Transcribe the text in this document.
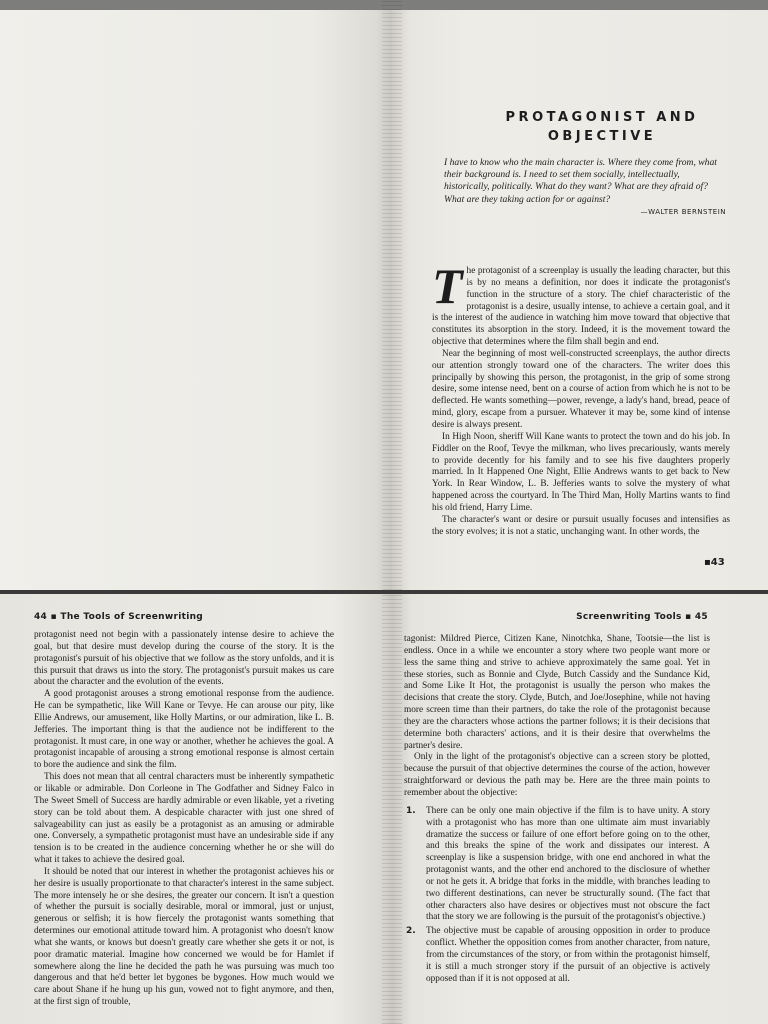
PROTAGONIST AND
OBJECTIVE
I have to know who the main character is. Where they come from, what their background is. I need to set them socially, intellectually, historically, politically. What do they want? What are they afraid of? What are they taking action for or against?
—WALTER BERNSTEIN

The protagonist of a screenplay is usually the leading character, but this is by no means a definition, nor does it indicate the protagonist's function in the structure of a story. The chief characteristic of the protagonist is a desire, usually intense, to achieve a certain goal, and it is the interest of the audience in watching him move toward that objective that constitutes its absorption in the story. Indeed, it is the movement toward the objective that determines where the film shall begin and end.

Near the beginning of most well-constructed screenplays, the author directs our attention strongly toward one of the characters. The writer does this principally by showing this person, the protagonist, in the grip of some strong desire, some intense need, bent on a course of action from which he is not to be deflected. He wants something—power, revenge, a lady's hand, bread, peace of mind, glory, escape from a pursuer. Whatever it may be, some kind of intense desire is always present.

In High Noon, sheriff Will Kane wants to protect the town and do his job. In Fiddler on the Roof, Tevye the milkman, who lives precariously, wants merely to provide decently for his family and to see his five daughters properly married. In It Happened One Night, Ellie Andrews wants to get back to New York. In Rear Window, L. B. Jefferies wants to solve the mystery of what happened across the courtyard. In The Third Man, Holly Martins wants to find his old friend, Harry Lime.

The character's want or desire or pursuit usually focuses and intensifies as the story evolves; it is not a static, unchanging want. In other words, the

▪43
44 ▪ The Tools of Screenwriting

protagonist need not begin with a passionately intense desire to achieve the goal, but that desire must develop during the course of the story. It is the protagonist's pursuit of his objective that we follow as the story unfolds, and it is this pursuit that draws us into the story. The protagonist's pursuit makes us care about the character and the evolution of the events.

A good protagonist arouses a strong emotional response from the audience. He can be sympathetic, like Will Kane or Tevye. He can arouse our pity, like Ellie Andrews, our amusement, like Holly Martins, or our admiration, like L. B. Jefferies. The important thing is that the audience not be indifferent to the protagonist. It must care, in one way or another, whether he achieves the goal. A protagonist incapable of arousing a strong emotional response is almost certain to bore the audience and sink the film.

This does not mean that all central characters must be inherently sympathetic or likable or admirable. Don Corleone in The Godfather and Sidney Falco in The Sweet Smell of Success are hardly admirable or even likable, yet a riveting story can be told about them. A despicable character with just one shred of salvageability can just as easily be a protagonist as an amusing or admirable one. Conversely, a sympathetic protagonist must have an undesirable side if any tension is to be created in the audience concerning whether he or she will do what it takes to achieve the desired goal.

It should be noted that our interest in whether the protagonist achieves his or her desire is usually proportionate to that character's interest in the same subject. The more intensely he or she desires, the greater our concern. It isn't a question of whether the pursuit is socially desirable, moral or immoral, just or unjust, generous or selfish; it is how fiercely the protagonist wants something that determines our emotional attitude toward him. A protagonist who doesn't know what she wants, or knows but doesn't greatly care whether she gets it or not, is poor dramatic material. Imagine how concerned we would be for Hamlet if somewhere along the line he decided the path he was pursuing was much too dangerous and that he'd better let bygones be bygones. How much would we care about Shane if he hung up his gun, vowed not to fight anymore, and then, at the first sign of trouble,

Screenwriting Tools ▪ 45

tagonist: Mildred Pierce, Citizen Kane, Ninotchka, Shane, Tootsie—the list is endless. Once in a while we encounter a story where two people want more or less the same thing and strive to achieve approximately the same goal. Yet in these stories, such as Bonnie and Clyde, Butch Cassidy and the Sundance Kid, and Some Like It Hot, the protagonist is usually the person who makes the decisions that create the story. Clyde, Butch, and Joe/Josephine, while not having more screen time than their partners, do take the role of the protagonist because they are the characters whose actions the partner follows; it is their decisions that determine both characters' actions, and it is their desire that overwhelms the partner's desire.

Only in the light of the protagonist's objective can a screen story be plotted, because the pursuit of that objective determines the course of the action, however straightforward or devious the path may be. Here are the three main points to remember about the objective:

1. There can be only one main objective if the film is to have unity. A story with a protagonist who has more than one ultimate aim must invariably dramatize the success or failure of one effort before going on to the other, and this breaks the spine of the work and dissipates our interest. A screenplay is like a suspension bridge, with one end anchored in what the protagonist wants, and the other end anchored to the disclosure of whether or not he gets it. A bridge that forks in the middle, with branches leading to two different destinations, can never be structurally sound. (The fact that other characters also have desires or objectives must not obscure the fact that the story we are following is the pursuit of the protagonist's objective.)
2. The objective must be capable of arousing opposition in order to produce conflict. Whether the opposition comes from another character, from nature, from the circumstances of the story, or from within the protagonist himself, it is still a much stronger story if the pursuit of an objective is actively opposed than if it is not opposed at all.
